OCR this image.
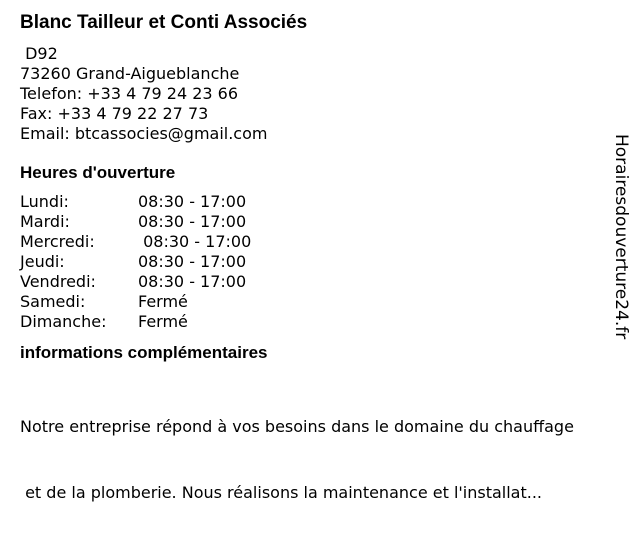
Blanc Tailleur et Conti Associés
D92
73260 Grand-Aigueblanche
Telefon: +33 4 79 24 23 66
Fax: +33 4 79 22 27 73
Email: btcassocies@gmail.com
Heures d'ouverture
Lundi:	08:30 - 17:00
Mardi:	08:30 - 17:00
Mercredi:	08:30 - 17:00
Jeudi:	08:30 - 17:00
Vendredi:	08:30 - 17:00
Samedi:	Fermé
Dimanche:	Fermé
informations complémentaires

Notre entreprise répond à vos besoins dans le domaine du chauffage

et de la plomberie. Nous réalisons la maintenance et l'installat...

Horairesdouverture24.fr
